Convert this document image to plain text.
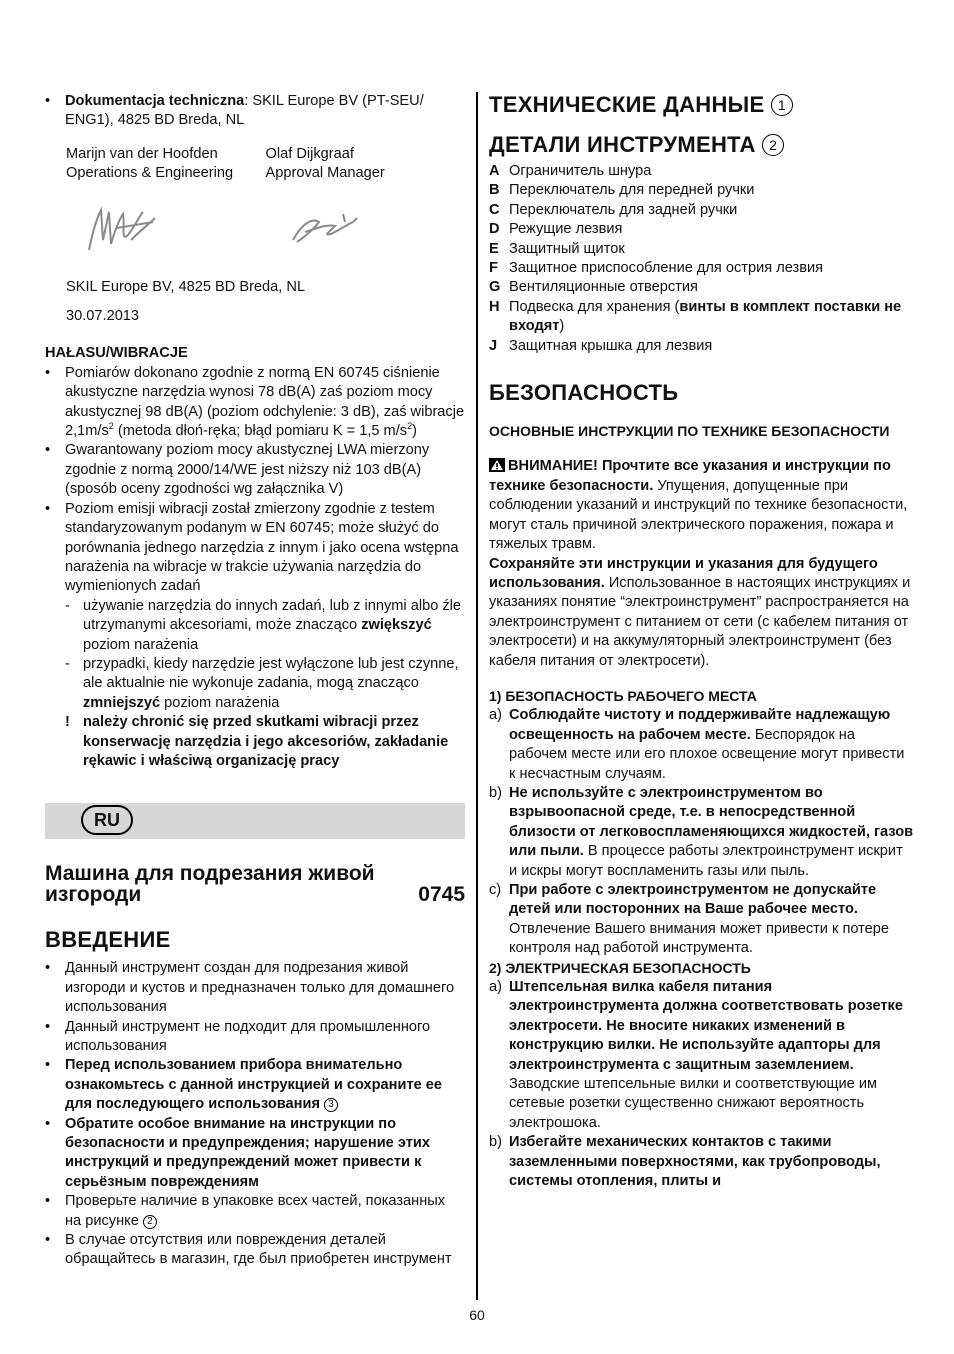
• Dokumentacja techniczna: SKIL Europe BV (PT-SEU/ ENG1), 4825 BD Breda, NL
Marijn van der Hoofden
Operations & Engineering
Olaf Dijkgraaf
Approval Manager
SKIL Europe BV, 4825 BD Breda, NL
30.07.2013
HAŁASU/WIBRACJE
• Pomiarów dokonano zgodnie z normą EN 60745 ciśnienie akustyczne narzędzia wynosi 78 dB(A) zaś poziom mocy akustycznej 98 dB(A) (poziom odchylenie: 3 dB), zaś wibracje $2,1m/s^2$ (metoda dłoń-ręka; błąd pomiaru K = 1,5 $m/s^2$)
• Gwarantowany poziom mocy akustycznej LWA mierzony zgodnie z normą 2000/14/WE jest niższy niż 103 dB(A) (sposób oceny zgodności wg załącznika V)
• Poziom emisji wibracji został zmierzony zgodnie z testem standaryzowanym podanym w EN 60745; może służyć do porównania jednego narzędzia z innym i jako ocena wstępna narażenia na wibracje w trakcie używania narzędzia do wymienionych zadań
- używanie narzędzia do innych zadań, lub z innymi albo źle utrzymanymi akcesoriami, może znacząco zwiększyć poziom narażenia
- przypadki, kiedy narzędzie jest wyłączone lub jest czynne, ale aktualnie nie wykonuje zadania, mogą znacząco zmniejszyć poziom narażenia
! należy chronić się przed skutkami wibracji przez konserwację narzędzia i jego akcesoriów, zakładanie rękawic i właściwą organizację pracy
RU
Машина для подрезания живой
изгороди	0745
ВВЕДЕНИЕ
• Данный инструмент создан для подрезания живой изгороди и кустов и предназначен только для домашнего использования
• Данный инструмент не подходит для промышленного использования
• Перед использованием прибора внимательно ознакомьтесь с данной инструкцией и сохраните ее для последующего использования 3
• Обратите особое внимание на инструкции по безопасности и предупреждения; нарушение этих инструкций и предупреждений может привести к серьёзным повреждениям
• Проверьте наличие в упаковке всех частей, показанных на рисунке 2
• В случае отсутствия или повреждения деталей обращайтесь в магазин, где был приобретен инструмент
ТЕХНИЧЕСКИЕ ДАННЫЕ 1
ДЕТАЛИ ИНСТРУМЕНТА 2
A Ограничитель шнура
B Переключатель для передней ручки
C Переключатель для задней ручки
D Режущие лезвия
E Защитный щиток
F Защитное приспособление для острия лезвия
G Вентиляционные отверстия
H Подвеска для хранения (винты в комплект поставки не входят)
J Защитная крышка для лезвия
БЕЗОПАСНОСТЬ
ОСНОВНЫЕ ИНСТРУКЦИИ ПО ТЕХНИКЕ БЕЗОПАСНОСТИ
ВНИМАНИЕ! Прочтите все указания и инструкции по технике безопасности. Упущения, допущенные при соблюдении указаний и инструкций по технике безопасности, могут сталь причиной электрического поражения, пожара и тяжелых травм.
Сохраняйте эти инструкции и указания для будущего использования. Использованное в настоящих инструкциях и указаниях понятие “электроинструмент” распространяется на электроинструмент с питанием от сети (с кабелем питания от электросети) и на аккумуляторный электроинструмент (без кабеля питания от электросети).
1) БЕЗОПАСНОСТЬ РАБОЧЕГО МЕСТА
a) Соблюдайте чистоту и поддерживайте надлежащую освещенность на рабочем месте. Беспорядок на рабочем месте или его плохое освещение могут привести к несчастным случаям.
b) Не используйте с электроинструментом во взрывоопасной среде, т.е. в непосредственной близости от легковоспламеняющихся жидкостей, газов или пыли. В процессе работы электроинструмент искрит и искры могут воспламенить газы или пыль.
c) При работе с электроинструментом не допускайте детей или посторонних на Ваше рабочее место. Отвлечение Вашего внимания может привести к потере контроля над работой инструмента.
2) ЭЛЕКТРИЧЕСКАЯ БЕЗОПАСНОСТЬ
a) Штепсельная вилка кабеля питания электроинструмента должна соответствовать розетке электросети. Не вносите никаких изменений в конструкцию вилки. Не используйте адапторы для электроинструмента с защитным заземлением. Заводские штепсельные вилки и соответствующие им сетевые розетки существенно снижают вероятность электрошока.
b) Избегайте механических контактов с такими заземленными поверхностями, как трубопроводы, системы отопления, плиты и
60
